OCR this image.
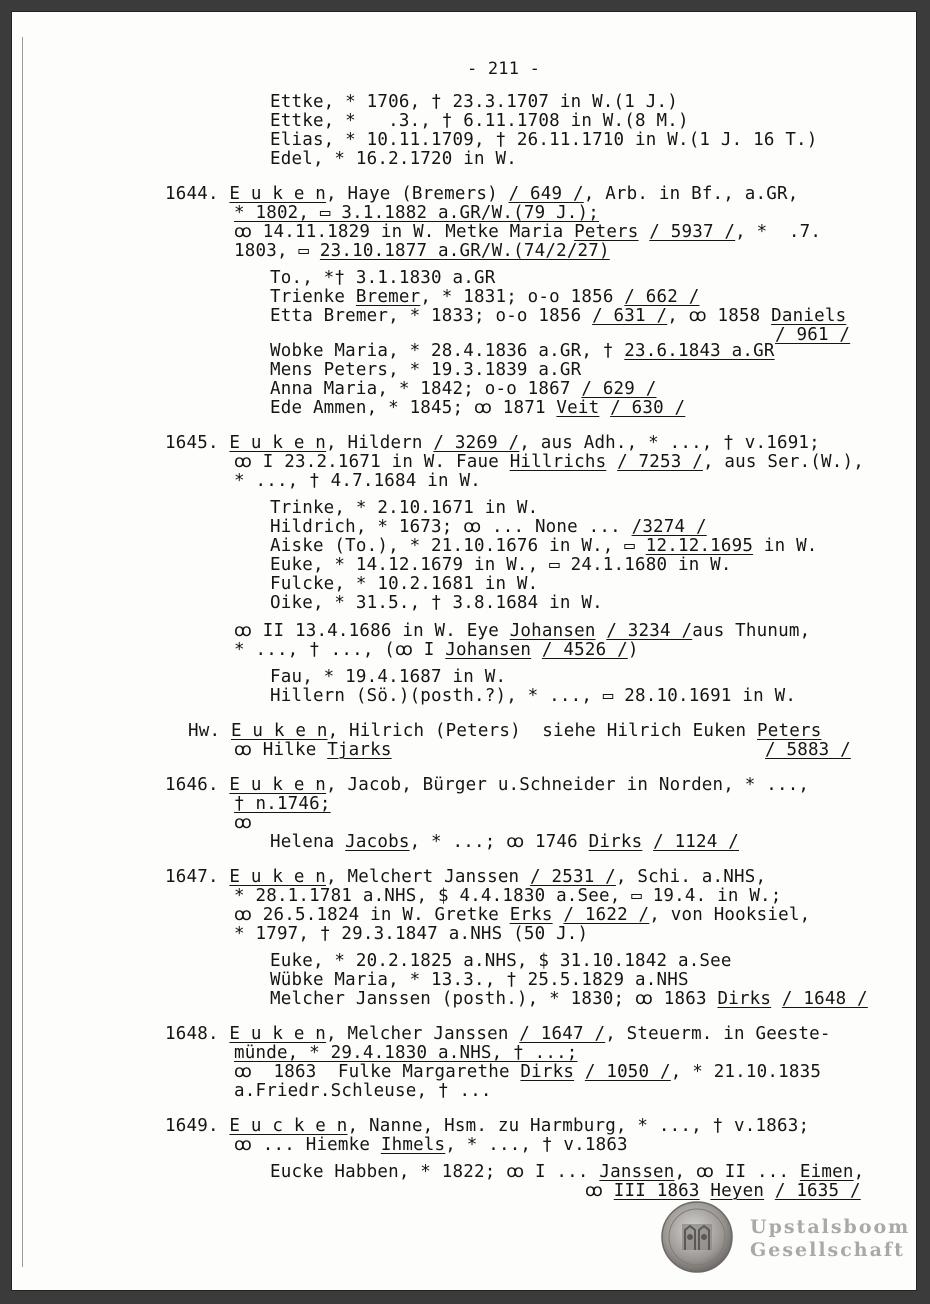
- 211 -
Ettke, * 1706, † 23.3.1707 in W.(1 J.)
Ettke, *   .3., † 6.11.1708 in W.(8 M.)
Elias, * 10.11.1709, † 26.11.1710 in W.(1 J. 16 T.)
Edel, * 16.2.1720 in W.
1644. E u k e n, Haye (Bremers) / 649 /, Arb. in Bf., a.GR,
* 1802, ▭ 3.1.1882 a.GR/W.(79 J.);
ꝏ 14.11.1829 in W. Metke Maria Peters / 5937 /, *  .7.
1803, ▭ 23.10.1877 a.GR/W.(74/2/27)
To., *† 3.1.1830 a.GR
Trienke Bremer, * 1831; o-o 1856 / 662 /
Etta Bremer, * 1833; o-o 1856 / 631 /, ꝏ 1858 Daniels
/ 961 /
Wobke Maria, * 28.4.1836 a.GR, † 23.6.1843 a.GR
Mens Peters, * 19.3.1839 a.GR
Anna Maria, * 1842; o-o 1867 / 629 /
Ede Ammen, * 1845; ꝏ 1871 Veit / 630 /
1645. E u k e n, Hildern / 3269 /, aus Adh., * ..., † v.1691;
ꝏ I 23.2.1671 in W. Faue Hillrichs / 7253 /, aus Ser.(W.),
* ..., † 4.7.1684 in W.
Trinke, * 2.10.1671 in W.
Hildrich, * 1673; ꝏ ... None ... /3274 /
Aiske (To.), * 21.10.1676 in W., ▭ 12.12.1695 in W.
Euke, * 14.12.1679 in W., ▭ 24.1.1680 in W.
Fulcke, * 10.2.1681 in W.
Oike, * 31.5., † 3.8.1684 in W.
ꝏ II 13.4.1686 in W. Eye Johansen / 3234 /aus Thunum,
* ..., † ..., (ꝏ I Johansen / 4526 /)
Fau, * 19.4.1687 in W.
Hillern (Sö.)(posth.?), * ..., ▭ 28.10.1691 in W.
Hw. E u k e n, Hilrich (Peters)  siehe Hilrich Euken Peters
ꝏ Hilke Tjarks	/ 5883 /
1646. E u k e n, Jacob, Bürger u.Schneider in Norden, * ...,
† n.1746;
ꝏ
Helena Jacobs, * ...; ꝏ 1746 Dirks / 1124 /
1647. E u k e n, Melchert Janssen / 2531 /, Schi. a.NHS,
* 28.1.1781 a.NHS, $ 4.4.1830 a.See, ▭ 19.4. in W.;
ꝏ 26.5.1824 in W. Gretke Erks / 1622 /, von Hooksiel,
* 1797, † 29.3.1847 a.NHS (50 J.)
Euke, * 20.2.1825 a.NHS, $ 31.10.1842 a.See
Wübke Maria, * 13.3., † 25.5.1829 a.NHS
Melcher Janssen (posth.), * 1830; ꝏ 1863 Dirks / 1648 /
1648. E u k e n, Melcher Janssen / 1647 /, Steuerm. in Geeste-
münde, * 29.4.1830 a.NHS, † ...;
ꝏ  1863  Fulke Margarethe Dirks / 1050 /, * 21.10.1835
a.Friedr.Schleuse, † ...
1649. E u c k e n, Nanne, Hsm. zu Harmburg, * ..., † v.1863;
ꝏ ... Hiemke Ihmels, * ..., † v.1863
Eucke Habben, * 1822; ꝏ I ... Janssen, ꝏ II ... Eimen,
ꝏ III 1863 Heyen / 1635 /
Upstalsboom
Gesellschaft
